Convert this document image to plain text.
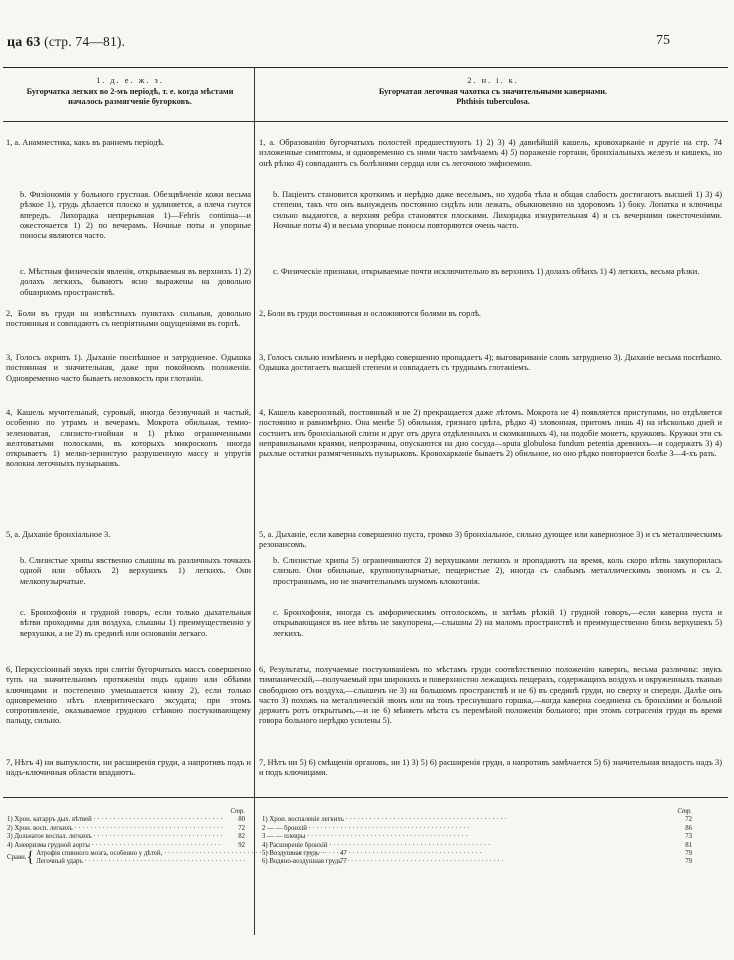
ца 63 (стр. 74—81).	75
1. д. е. ж. з.
Бугорчатка легких во 2-мъ періодѣ, т. е. когда мѣстами началось размягченіе бугорковъ.
2. н. і. к.
Бугорчатая легочная чахотка съ значительными кавернами.
Phthisis tuberculosa.
1, а. Анамнестика, какъ въ раннемъ періодѣ.
b. Физіономія у больного грустная. Обезцвѣченіе кожи весьма рѣзкое 1), грудь дѣлается плоско и удлиняется, а плеча гнутся впередъ. Лихорадка непрерывная 1)—Febris continua—и ожесточается 1) 2) по вечерамъ. Ночные поты и упорные поносы являются часто.
с. Мѣстныя физическія явленія, открываемыя въ верхнихъ 1) 2) долахъ легкихъ, бываютъ ясно выражены на довольно обширномъ пространствѣ.
2, Боли въ груди на извѣстныхъ пунктахъ сильныя, довольно постоянныя и совпадаютъ съ непріятными ощущеніями въ горлѣ.
3, Голосъ охрипъ 1). Дыханіе поспѣшное и затрудненое. Одышка постоянная и значительная, даже при покойномъ положеніи. Одновременно часто бываетъ неловкость при глотаніи.
4, Кашель мучительный, суровый, иногда беззвучный и частый, особенно по утрамъ и вечерамъ. Мокрота обильная, темно-зеленоватая, слизисто-гнойная и 1) рѣзко ограниченными желтоватыми полосками, въ которыхъ микроскопъ иногда открываетъ 1) мелко-зернистую разрушенную массу и упругія волокна легочныхъ пузырьковъ.
5, а. Дыханіе бронхіальное 3.
b. Слизистые хрипы явственно слышны въ различныхъ точкахъ одной или обѣихъ 2) верхушекъ 1) легкихъ. Они мелкопузырчатые.
с. Бронхофонія и грудной говоръ, если только дыхательныя вѣтви проходимы для воздуха, слышны 1) преимущественно у верхушки, а не 2) въ срединѣ или основаніи легкаго.
6, Перкуссіонный звукъ при слитіи бугорчатыхъ массъ совершенно тупъ на значительномъ протяженіи подъ одною или обѣими ключицами и постепенно уменьшается книзу 2), если только одновременно нѣтъ плевритическаго эксудата; при этомъ сопротивленіе, оказываемое грудною стѣнкою постукивающему пальцу, сильно.
7, Нѣтъ 4) ни выпуклости, ни расширенія груди, а напротивъ подъ и надъ-ключичныя области впадаютъ.
1, а. Образованію бугорчатыхъ полостей предшествуютъ 1) 2) 3) 4) давнѣйшій кашель, кровохарканіе и другіе на стр. 74 изложенные симптомы, и одновременно съ ними часто замѣчаемъ 4) 5) пораженіе гортани, бронхіальныхъ железъ и кишекъ, но онѣ рѣзко 4) совпадаютъ съ болѣзнями сердца или съ легочною эмфиземою.
b. Пацiентъ становится кроткимъ и нерѣдко даже веселымъ, но худоба тѣла и общая слабость достигаютъ высшей 1) 3) 4) степени, такъ что онъ вынужденъ постоянно сидѣть или лежать, обыкновенно на здоровомъ 1) боку. Лопатка и ключицы сильно выдаются, а верхняя ребра становятся плоскими. Лихорадка изнурительная 4) и съ вечерними ожесточеніями. Ночные поты 4) и весьма упорные поносы повторяются очень часто.
с. Физическіе признаки, открываемые почти исключительно въ верхнихъ 1) долахъ обѣихъ 1) 4) легкихъ, весьма рѣзки.
2, Боли въ груди постоянныя и осложняются болями въ горлѣ.
3, Голосъ сильно измѣненъ и нерѣдко совершенно пропадаетъ 4); выговариваніе словъ затруднено 3). Дыханіе весьма поспѣшно. Одышка достигаетъ высшей степени и совпадаетъ съ труднымъ глотаніемъ.
4, Кашель кавернозный, постоянный и не 2) прекращается даже лѣтомъ. Мокрота не 4) появляется приступами, но отдѣляется постоянно и равномѣрно. Она менѣе 5) обильная, грязнаго цвѣта, рѣдко 4) зловонная, притомъ лишь 4) на нѣсколько дней и состоитъ изъ бронхіальной слизи и друг отъ друга отдѣленныхъ и скомканныхъ 4), на подобіе монетъ, кружковъ. Кружки эти съ неправильными краями, непрозрачны, опускаются на дно сосуда—sputa globulosa fundum petentia древнихъ—и содержатъ 3) 4) рыхлые остатки размягченныхъ пузырьковъ. Кровохарканіе бываетъ 2) обильное, но оно рѣдко повторяется болѣе 3—4-хъ разъ.
5, а. Дыханіе, если каверна совершенно пуста, громко 3) бронхіальное, сильно дующее или кавернозное 3) и съ металлическимъ резонансомъ.
b. Слизистые хрипы 5) ограничиваются 2) верхушками легкихъ и пропадаютъ на время, коль скоро вѣтвь закупорилась слизью. Они обильные, крупнопузырчатые, пещеристые 2), иногда съ слабымъ металлическимъ звономъ и съ 2. пространнымъ, но не значительнымъ шумомъ клокотанія.
с. Бронхофонія, иногда съ амфорическимъ отголоскомъ, и затѣмъ рѣзкій 1) грудной говоръ,—если каверна пуста и открывающаяся въ нее вѣтвь не закупорена,—слышны 2) на маломъ пространствѣ и преимущественно близь верхушекъ 5) легкихъ.
6, Результаты, получаемые постукиваніемъ по мѣстамъ груди соотвѣтственно положенію кавернъ, весьма различны: звукъ тимпаническій,—получаемый при широкихъ и поверхностно лежащихъ пещерахъ, содержащихъ воздухъ и окруженныхъ тканью свободною отъ воздуха,—слышенъ не 3) на большомъ пространствѣ и не 6) въ срединѣ груди, но сверху и спереди. Далѣе онъ часто 3) похожъ на металлическій звонъ или на тонъ треснувшаго горшка,—когда каверна соединена съ бронхіями и больной держитъ ротъ открытымъ,—и не 6) мѣняетъ мѣста съ перемѣной положенія больного; при этомъ сотрасенія груди въ время говора больного нерѣдко усилены 5).
7, Нѣтъ ни 5) 6) смѣщенія органовъ, ни 1) 3) 5) 6) расширенія груди, а напротивъ замѣчается 5) 6) значительная впадость надъ 3) и подъ ключицами.
Стр.
1) Хрон. катарръ дых. вѣтвей · · ·	80
2) Хрон. восп. легкихъ · · ·	72
3) Дольчатое воспал. легкихъ · · ·	82
4) Аневризма грудной аорты · · ·	92
Сравн. { Атрофія спинного мозга, особенно у дѣтей, · · ·	47
Легочный ударъ · · ·	77
Стр.
1) Хрон. воспаленіе легкихъ · · ·	72
2 — — бронхій · · ·	86
3 — — плевры · · ·	73
4) Расширеніе бронхій · · ·	81
5) Воздушная грудь · · ·	79
6) Водяно-воздушная грудь · · ·	79
